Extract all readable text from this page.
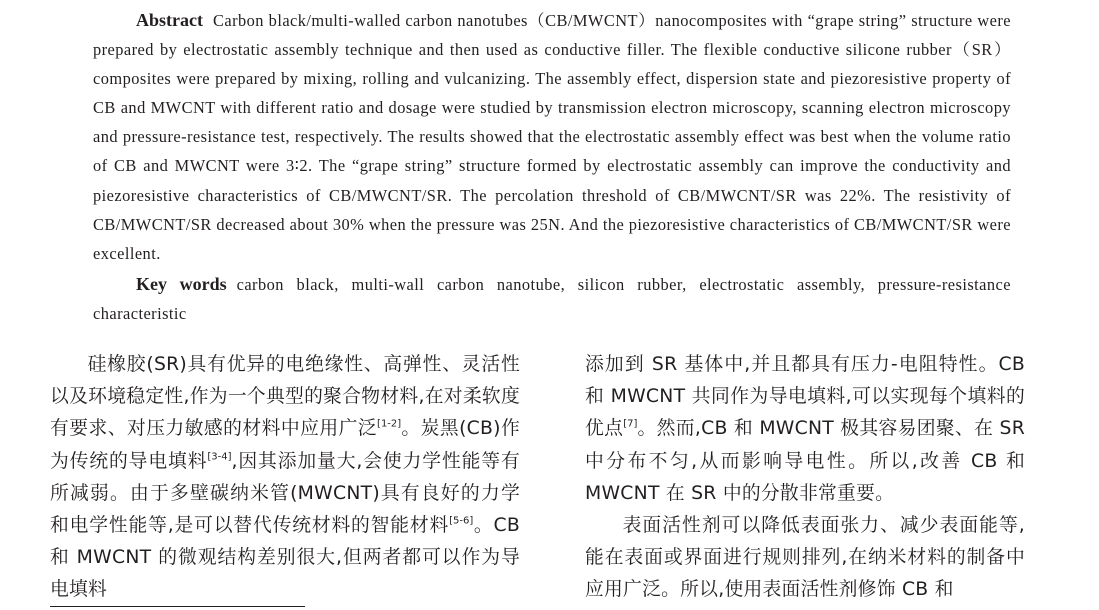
Abstract Carbon black/multi-walled carbon nanotubes（CB/MWCNT）nanocomposites with “grape string” structure were prepared by electrostatic assembly technique and then used as conductive filler. The flexible conductive silicone rubber（SR）composites were prepared by mixing, rolling and vulcanizing. The assembly effect, dispersion state and piezoresistive property of CB and MWCNT with different ratio and dosage were studied by transmission electron microscopy, scanning electron microscopy and pressure-resistance test, respectively. The results showed that the electrostatic assembly effect was best when the volume ratio of CB and MWCNT were 3∶2. The “grape string” structure formed by electrostatic assembly can improve the conductivity and piezoresistive characteristics of CB/MWCNT/SR. The percolation threshold of CB/MWCNT/SR was 22%. The resistivity of CB/MWCNT/SR decreased about 30% when the pressure was 25N. And the piezoresistive characteristics of CB/MWCNT/SR were excellent.

Key words carbon black, multi-wall carbon nanotube, silicon rubber, electrostatic assembly, pressure-resistance characteristic

硅橡胶(SR)具有优异的电绝缘性、高弹性、灵活性以及环境稳定性,作为一个典型的聚合物材料,在对柔软度有要求、对压力敏感的材料中应用广泛[1-2]。炭黑(CB)作为传统的导电填料[3-4],因其添加量大,会使力学性能等有所减弱。由于多壁碳纳米管(MWCNT)具有良好的力学和电学性能等,是可以替代传统材料的智能材料[5-6]。CB 和 MWCNT 的微观结构差别很大,但两者都可以作为导电填料

添加到 SR 基体中,并且都具有压力-电阻特性。CB 和 MWCNT 共同作为导电填料,可以实现每个填料的优点[7]。然而,CB 和 MWCNT 极其容易团聚、在 SR 中分布不匀,从而影响导电性。所以,改善 CB 和 MWCNT 在 SR 中的分散非常重要。

表面活性剂可以降低表面张力、减少表面能等,能在表面或界面进行规则排列,在纳米材料的制备中应用广泛。所以,使用表面活性剂修饰 CB 和
